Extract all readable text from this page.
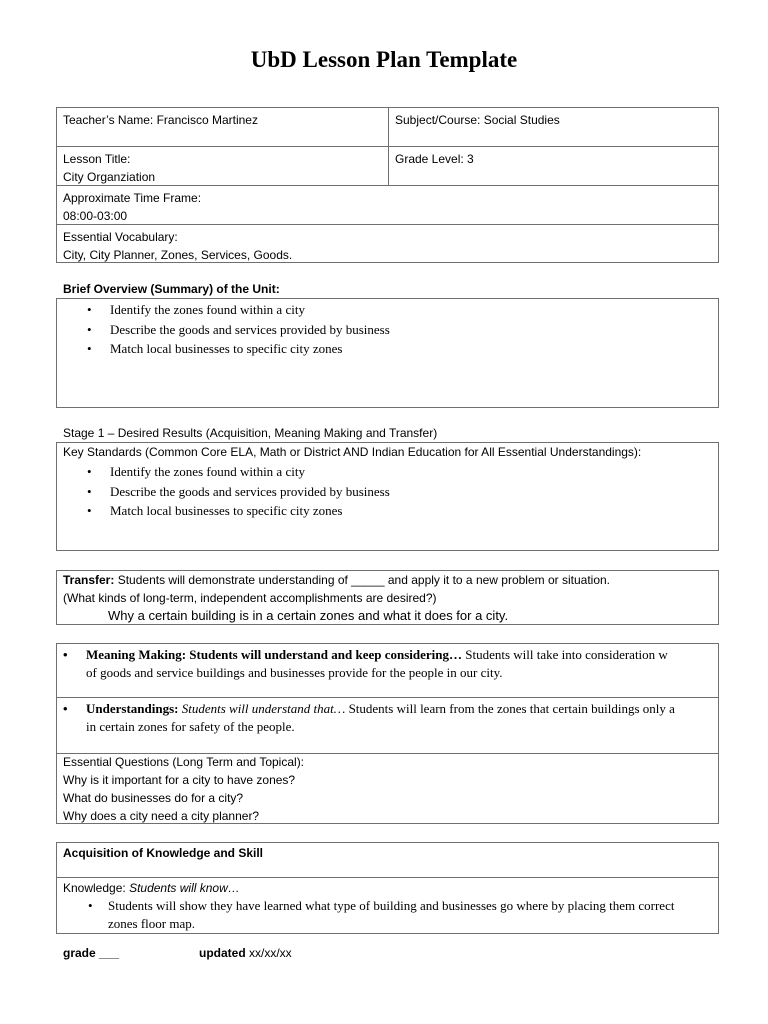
UbD Lesson Plan Template
Teacher’s Name: Francisco Martinez	Subject/Course: Social Studies
Lesson Title:
City Organziation
Grade Level: 3
Approximate Time Frame:
08:00-03:00
Essential Vocabulary:
City, City Planner, Zones, Services, Goods.
Brief Overview (Summary) of the Unit:
• Identify the zones found within a city
• Describe the goods and services provided by business
• Match local businesses to specific city zones
Stage 1 – Desired Results (Acquisition, Meaning Making and Transfer)
Key Standards (Common Core ELA, Math or District AND Indian Education for All Essential Understandings):
• Identify the zones found within a city
• Describe the goods and services provided by business
• Match local businesses to specific city zones
Transfer: Students will demonstrate understanding of _____ and apply it to a new problem or situation.
(What kinds of long-term, independent accomplishments are desired?)
Why a certain building is in a certain zones and what it does for a city.
• Meaning Making: Students will understand and keep considering… Students will take into consideration w
of goods and service buildings and businesses provide for the people in our city.
• Understandings: Students will understand that… Students will learn from the zones that certain buildings only a
in certain zones for safety of the people.
Essential Questions (Long Term and Topical):
Why is it important for a city to have zones?
What do businesses do for a city?
Why does a city need a city planner?
Acquisition of Knowledge and Skill
Knowledge: Students will know…
• Students will show they have learned what type of building and businesses go where by placing them correct
zones floor map.
grade ___	updated xx/xx/xx
